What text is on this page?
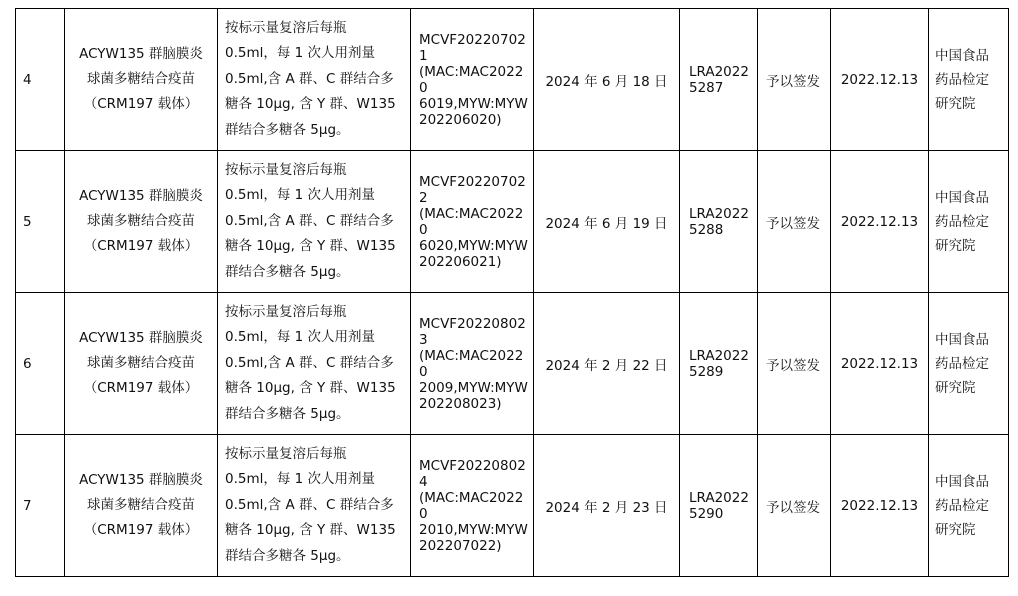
4	ACYW135 群脑膜炎
球菌多糖结合疫苗
（CRM197 载体）	按标示量复溶后每瓶
0.5ml，每 1 次人用剂量
0.5ml,含 A 群、C 群结合多
糖各 10μg, 含 Y 群、W135
群结合多糖各 5μg。	MCVF202207021
(MAC:MAC20220
6019,MYW:MYW
202206020)	2024 年 6 月 18 日	LRA2022
5287	予以签发	2022.12.13	中国食品
药品检定
研究院
5	ACYW135 群脑膜炎
球菌多糖结合疫苗
（CRM197 载体）	按标示量复溶后每瓶
0.5ml，每 1 次人用剂量
0.5ml,含 A 群、C 群结合多
糖各 10μg, 含 Y 群、W135
群结合多糖各 5μg。	MCVF202207022
(MAC:MAC20220
6020,MYW:MYW
202206021)	2024 年 6 月 19 日	LRA2022
5288	予以签发	2022.12.13	中国食品
药品检定
研究院
6	ACYW135 群脑膜炎
球菌多糖结合疫苗
（CRM197 载体）	按标示量复溶后每瓶
0.5ml，每 1 次人用剂量
0.5ml,含 A 群、C 群结合多
糖各 10μg, 含 Y 群、W135
群结合多糖各 5μg。	MCVF202208023
(MAC:MAC20220
2009,MYW:MYW
202208023)	2024 年 2 月 22 日	LRA2022
5289	予以签发	2022.12.13	中国食品
药品检定
研究院
7	ACYW135 群脑膜炎
球菌多糖结合疫苗
（CRM197 载体）	按标示量复溶后每瓶
0.5ml，每 1 次人用剂量
0.5ml,含 A 群、C 群结合多
糖各 10μg, 含 Y 群、W135
群结合多糖各 5μg。	MCVF202208024
(MAC:MAC20220
2010,MYW:MYW
202207022)	2024 年 2 月 23 日	LRA2022
5290	予以签发	2022.12.13	中国食品
药品检定
研究院
